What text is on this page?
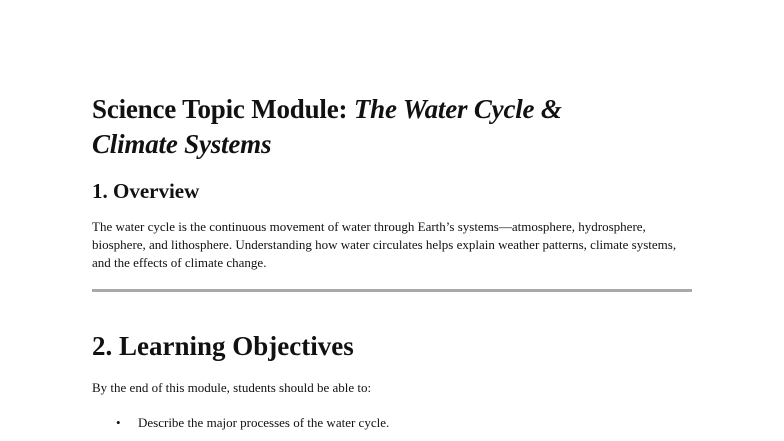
Science Topic Module: The Water Cycle &
Climate Systems
1. Overview

The water cycle is the continuous movement of water through Earth’s systems—atmosphere, hydrosphere, biosphere, and lithosphere. Understanding how water circulates helps explain weather patterns, climate systems, and the effects of climate change.

2. Learning Objectives

By the end of this module, students should be able to:

• Describe the major processes of the water cycle.
